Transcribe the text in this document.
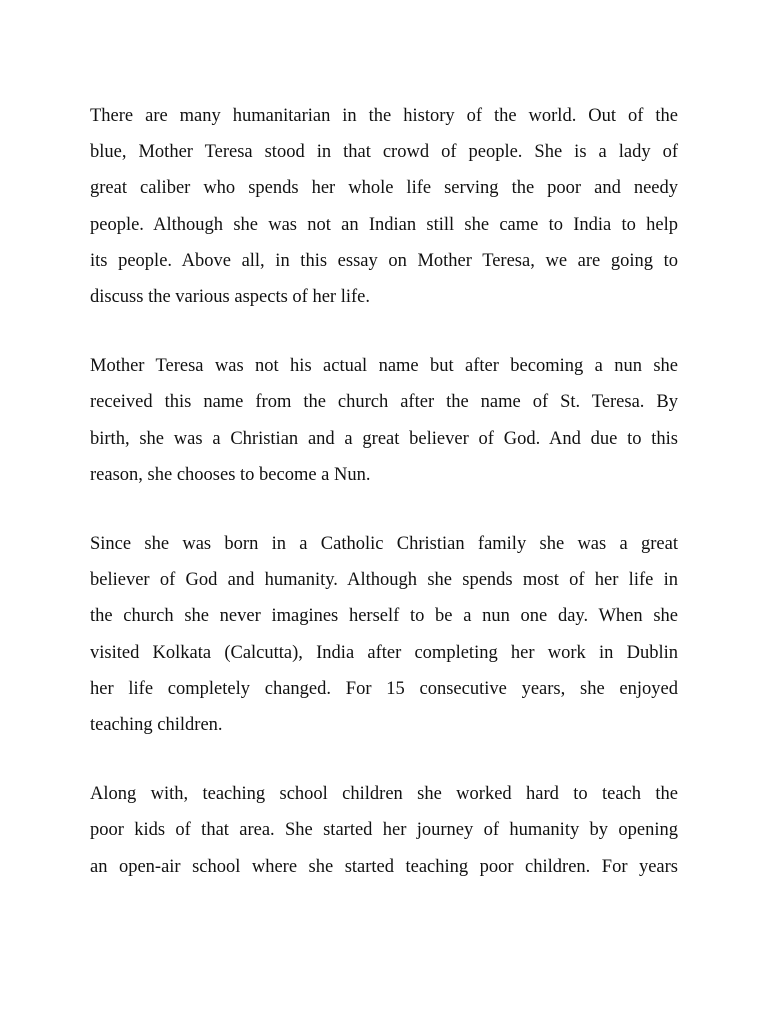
There are many humanitarian in the history of the world. Out of the
blue, Mother Teresa stood in that crowd of people. She is a lady of
great caliber who spends her whole life serving the poor and needy
people. Although she was not an Indian still she came to India to help
its people. Above all, in this essay on Mother Teresa, we are going to
discuss the various aspects of her life.
Mother Teresa was not his actual name but after becoming a nun she
received this name from the church after the name of St. Teresa. By
birth, she was a Christian and a great believer of God. And due to this
reason, she chooses to become a Nun.
Since she was born in a Catholic Christian family she was a great
believer of God and humanity. Although she spends most of her life in
the church she never imagines herself to be a nun one day. When she
visited Kolkata (Calcutta), India after completing her work in Dublin
her life completely changed. For 15 consecutive years, she enjoyed
teaching children.
Along with, teaching school children she worked hard to teach the
poor kids of that area. She started her journey of humanity by opening
an open-air school where she started teaching poor children. For years
